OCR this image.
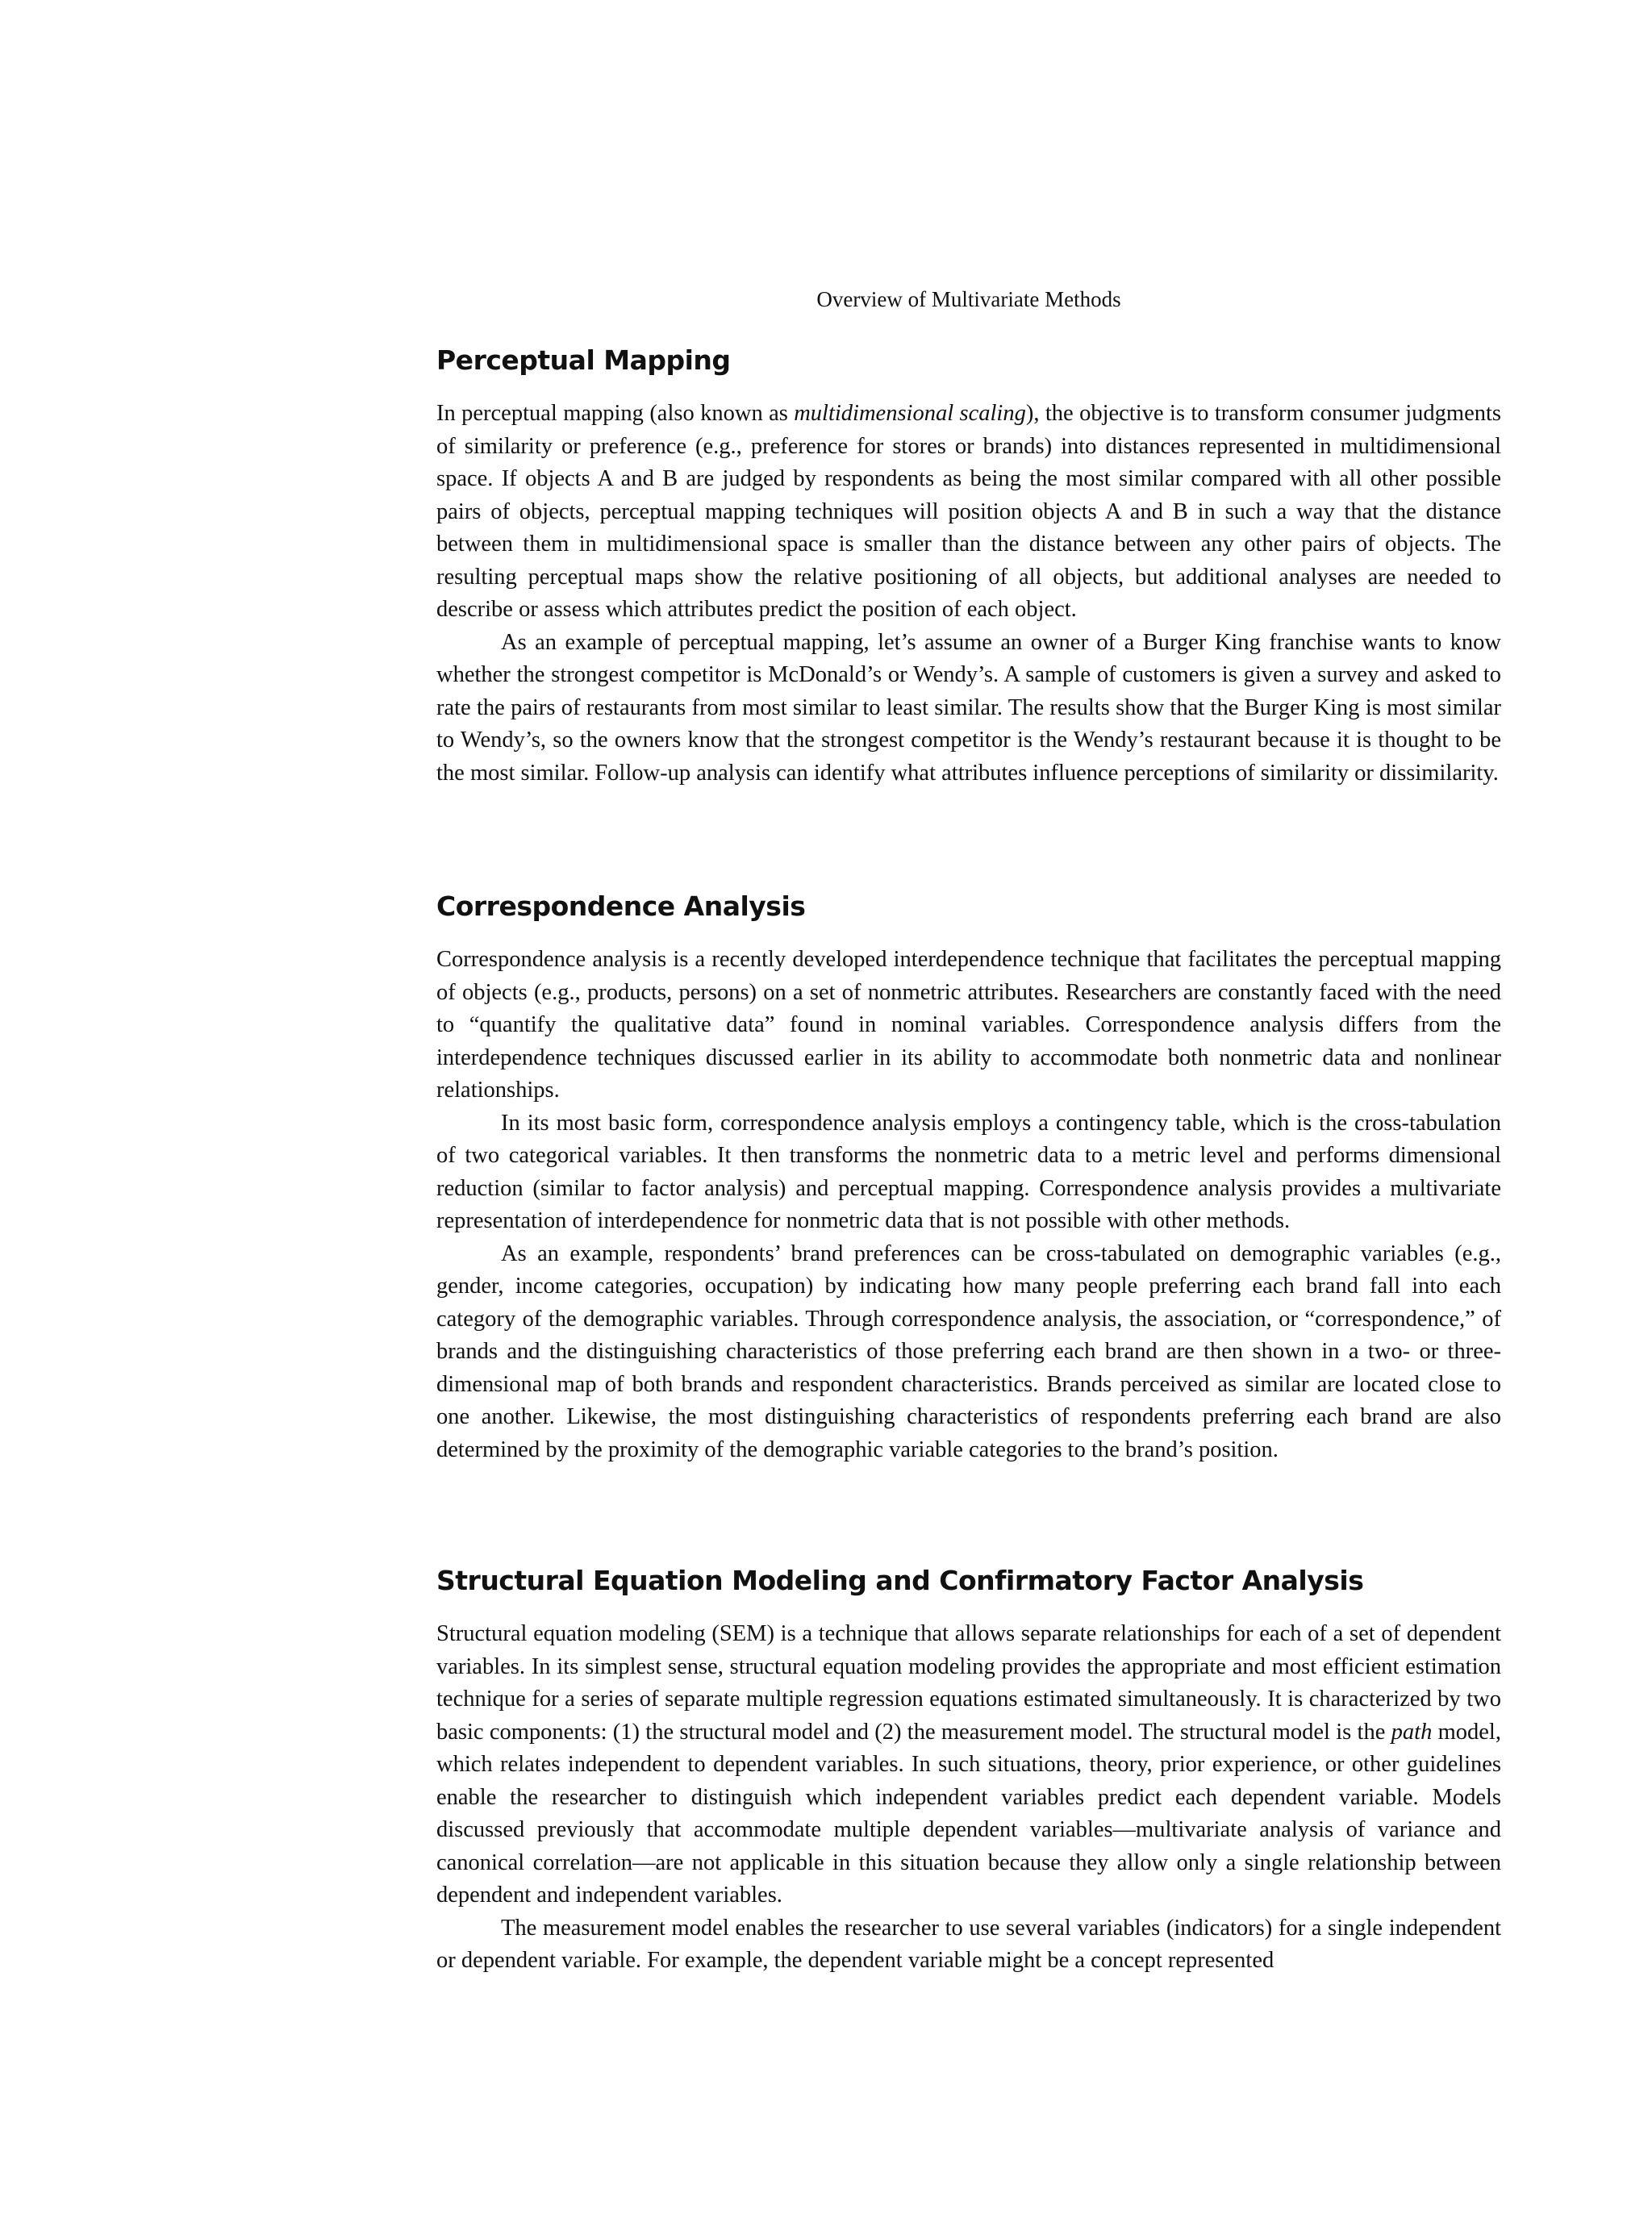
Overview of Multivariate Methods
Perceptual Mapping

In perceptual mapping (also known as multidimensional scaling), the objective is to transform consumer judgments of similarity or preference (e.g., preference for stores or brands) into distances represented in multidimensional space. If objects A and B are judged by respondents as being the most similar compared with all other possible pairs of objects, perceptual mapping techniques will position objects A and B in such a way that the distance between them in multidimensional space is smaller than the distance between any other pairs of objects. The resulting perceptual maps show the relative positioning of all objects, but additional analyses are needed to describe or assess which attributes predict the position of each object.

As an example of perceptual mapping, let’s assume an owner of a Burger King franchise wants to know whether the strongest competitor is McDonald’s or Wendy’s. A sample of customers is given a survey and asked to rate the pairs of restaurants from most similar to least similar. The results show that the Burger King is most similar to Wendy’s, so the owners know that the strongest competitor is the Wendy’s restaurant because it is thought to be the most similar. Follow-up analysis can identify what attributes influence perceptions of similarity or dissimilarity.

Correspondence Analysis

Correspondence analysis is a recently developed interdependence technique that facilitates the perceptual mapping of objects (e.g., products, persons) on a set of nonmetric attributes. Researchers are constantly faced with the need to “quantify the qualitative data” found in nominal variables. Correspondence analysis differs from the interdependence techniques discussed earlier in its ability to accommodate both nonmetric data and nonlinear relationships.

In its most basic form, correspondence analysis employs a contingency table, which is the cross-tabulation of two categorical variables. It then transforms the nonmetric data to a metric level and performs dimensional reduction (similar to factor analysis) and perceptual mapping. Correspondence analysis provides a multivariate representation of interdependence for nonmetric data that is not possible with other methods.

As an example, respondents’ brand preferences can be cross-tabulated on demographic variables (e.g., gender, income categories, occupation) by indicating how many people preferring each brand fall into each category of the demographic variables. Through correspondence analysis, the association, or “correspondence,” of brands and the distinguishing characteristics of those preferring each brand are then shown in a two- or three-dimensional map of both brands and respondent characteristics. Brands perceived as similar are located close to one another. Likewise, the most distinguishing characteristics of respondents preferring each brand are also determined by the proximity of the demographic variable categories to the brand’s position.

Structural Equation Modeling and Confirmatory Factor Analysis

Structural equation modeling (SEM) is a technique that allows separate relationships for each of a set of dependent variables. In its simplest sense, structural equation modeling provides the appropriate and most efficient estimation technique for a series of separate multiple regression equations estimated simultaneously. It is characterized by two basic components: (1) the structural model and (2) the measurement model. The structural model is the path model, which relates independent to dependent variables. In such situations, theory, prior experience, or other guidelines enable the researcher to distinguish which independent variables predict each dependent variable. Models discussed previously that accommodate multiple dependent variables—multivariate analysis of variance and canonical correlation—are not applicable in this situation because they allow only a single relationship between dependent and independent variables.

The measurement model enables the researcher to use several variables (indicators) for a single independent or dependent variable. For example, the dependent variable might be a concept represented
